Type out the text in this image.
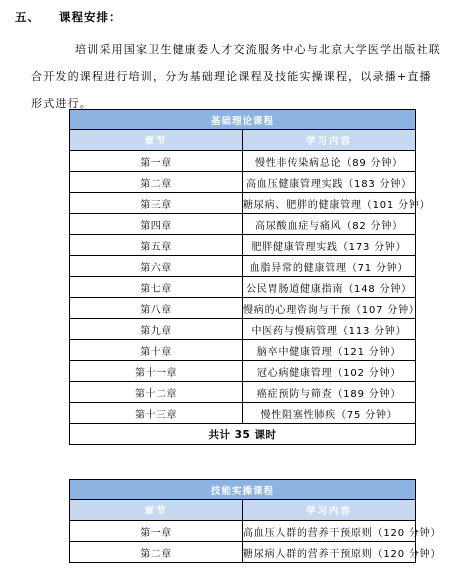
五、 课程安排：

培训采用国家卫生健康委人才交流服务中心与北京大学医学出版社联

合开发的课程进行培训，分为基础理论课程及技能实操课程，以录播+直播

形式进行。

基础理论课程	
章节	学习内容
第一章	慢性非传染病总论（89 分钟）
第二章	高血压健康管理实践（183 分钟）
第三章	糖尿病、肥胖的健康管理（101 分钟）
第四章	高尿酸血症与痛风（82 分钟）
第五章	肥胖健康管理实践（173 分钟）
第六章	血脂异常的健康管理（71 分钟）
第七章	公民胃肠道健康指南（148 分钟）
第八章	慢病的心理咨询与干预（107 分钟）
第九章	中医药与慢病管理（113 分钟）
第十章	脑卒中健康管理（121 分钟）
第十一章	冠心病健康管理（102 分钟）
第十二章	癌症预防与筛查（189 分钟）
第十三章	慢性阻塞性肺疾（75 分钟）
共计 35 课时	
技能实操课程	
章节	学习内容
第一章	高血压人群的营养干预原则（120 分钟）
第二章	糖尿病人群的营养干预原则（120 分钟）
